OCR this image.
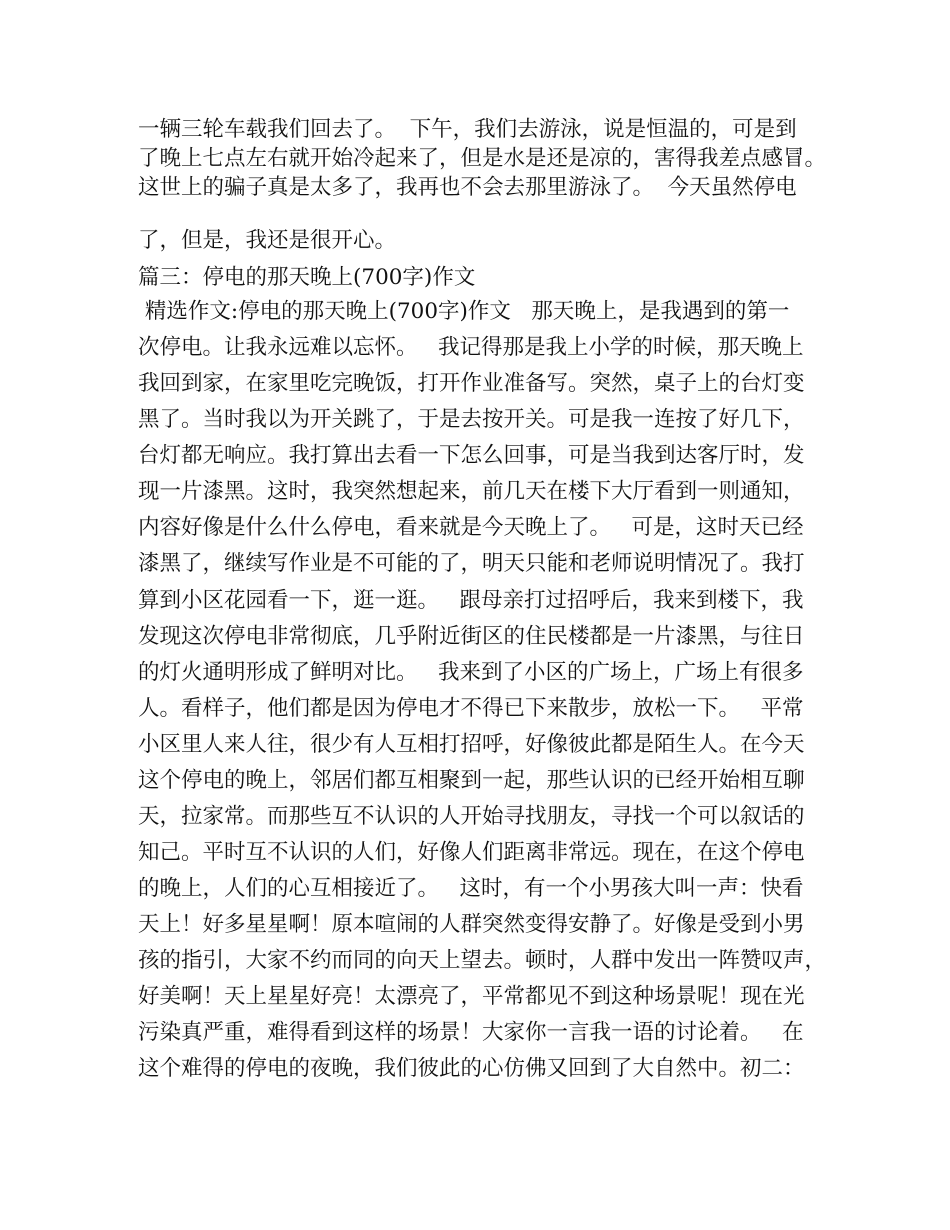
一辆三轮车载我们回去了。  下午，我们去游泳，说是恒温的，可是到
了晚上七点左右就开始冷起来了，但是水是还是凉的，害得我差点感冒。
这世上的骗子真是太多了，我再也不会去那里游泳了。  今天虽然停电
了，但是，我还是很开心。
篇三：停电的那天晚上(700字)作文
精选作文:停电的那天晚上(700字)作文   那天晚上，是我遇到的第一
次停电。让我永远难以忘怀。   我记得那是我上小学的时候，那天晚上
我回到家，在家里吃完晚饭，打开作业准备写。突然，桌子上的台灯变
黑了。当时我以为开关跳了，于是去按开关。可是我一连按了好几下，
台灯都无响应。我打算出去看一下怎么回事，可是当我到达客厅时，发
现一片漆黑。这时，我突然想起来，前几天在楼下大厅看到一则通知，
内容好像是什么什么停电，看来就是今天晚上了。   可是，这时天已经
漆黑了，继续写作业是不可能的了，明天只能和老师说明情况了。我打
算到小区花园看一下，逛一逛。   跟母亲打过招呼后，我来到楼下，我
发现这次停电非常彻底，几乎附近街区的住民楼都是一片漆黑，与往日
的灯火通明形成了鲜明对比。   我来到了小区的广场上，广场上有很多
人。看样子，他们都是因为停电才不得已下来散步，放松一下。   平常
小区里人来人往，很少有人互相打招呼，好像彼此都是陌生人。在今天
这个停电的晚上，邻居们都互相聚到一起，那些认识的已经开始相互聊
天，拉家常。而那些互不认识的人开始寻找朋友，寻找一个可以叙话的
知己。平时互不认识的人们，好像人们距离非常远。现在，在这个停电
的晚上，人们的心互相接近了。   这时，有一个小男孩大叫一声：快看
天上！好多星星啊！原本喧闹的人群突然变得安静了。好像是受到小男
孩的指引，大家不约而同的向天上望去。顿时，人群中发出一阵赞叹声，
好美啊！天上星星好亮！太漂亮了，平常都见不到这种场景呢！现在光
污染真严重，难得看到这样的场景！大家你一言我一语的讨论着。   在
这个难得的停电的夜晚，我们彼此的心仿佛又回到了大自然中。初二：
